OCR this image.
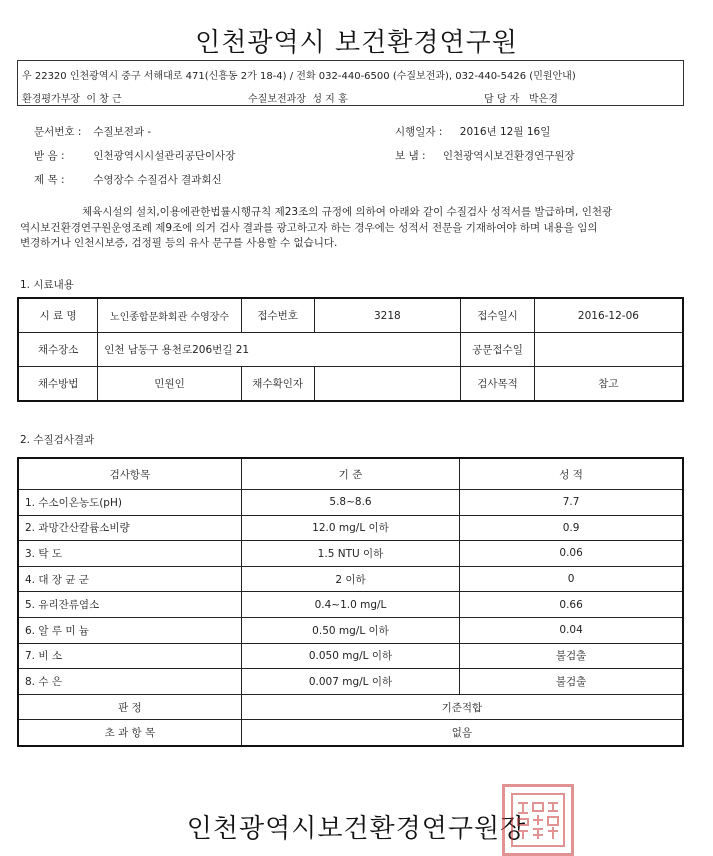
인천광역시 보건환경연구원
우 22320 인천광역시 중구 서해대로 471(신흥동 2가 18-4) / 전화 032-440-6500 (수질보전과), 032-440-5426 (민원안내)
환경평가부장 이 창 근	수질보전과장 성 지 홍	담 당 자 박은경
문서번호 : 수질보전과 -	시행일자 : 2016년 12월 16일
받 음 :	인천광역시시설관리공단이사장	보 냄 : 인천광역시보건환경연구원장
제 목 :	수영장수 수질검사 결과회신
체육시설의 설치,이용에관한법률시행규칙 제23조의 규정에 의하여 아래와 같이 수질검사 성적서를 발급하며, 인천광
역시보건환경연구원운영조례 제9조에 의거 검사 결과를 광고하고자 하는 경우에는 성적서 전문을 기재하여야 하며 내용을 임의
변경하거나 인천시보증, 검정필 등의 유사 문구를 사용할 수 없습니다.
1. 시료내용
시 료 명	노인종합문화회관 수영장수	접수번호	3218	접수일시	2016-12-06
채수장소	인천 남동구 용천로206번길 21			공문접수일	
채수방법	민원인	채수확인자		검사목적	참고
2. 수질검사결과
검사항목	기 준	성 적
1. 수소이온농도(pH)	5.8~8.6	7.7
2. 과망간산칼륨소비량	12.0 mg/L 이하	0.9
3. 탁 도	1.5 NTU 이하	0.06
4. 대 장 균 군	2 이하	0
5. 유리잔류염소	0.4~1.0 mg/L	0.66
6. 알 루 미 늄	0.50 mg/L 이하	0.04
7. 비 소	0.050 mg/L 이하	불검출
8. 수 은	0.007 mg/L 이하	불검출
판 정	기준적합	
초 과 항 목	없음	
인천광역시보건환경연구원장
